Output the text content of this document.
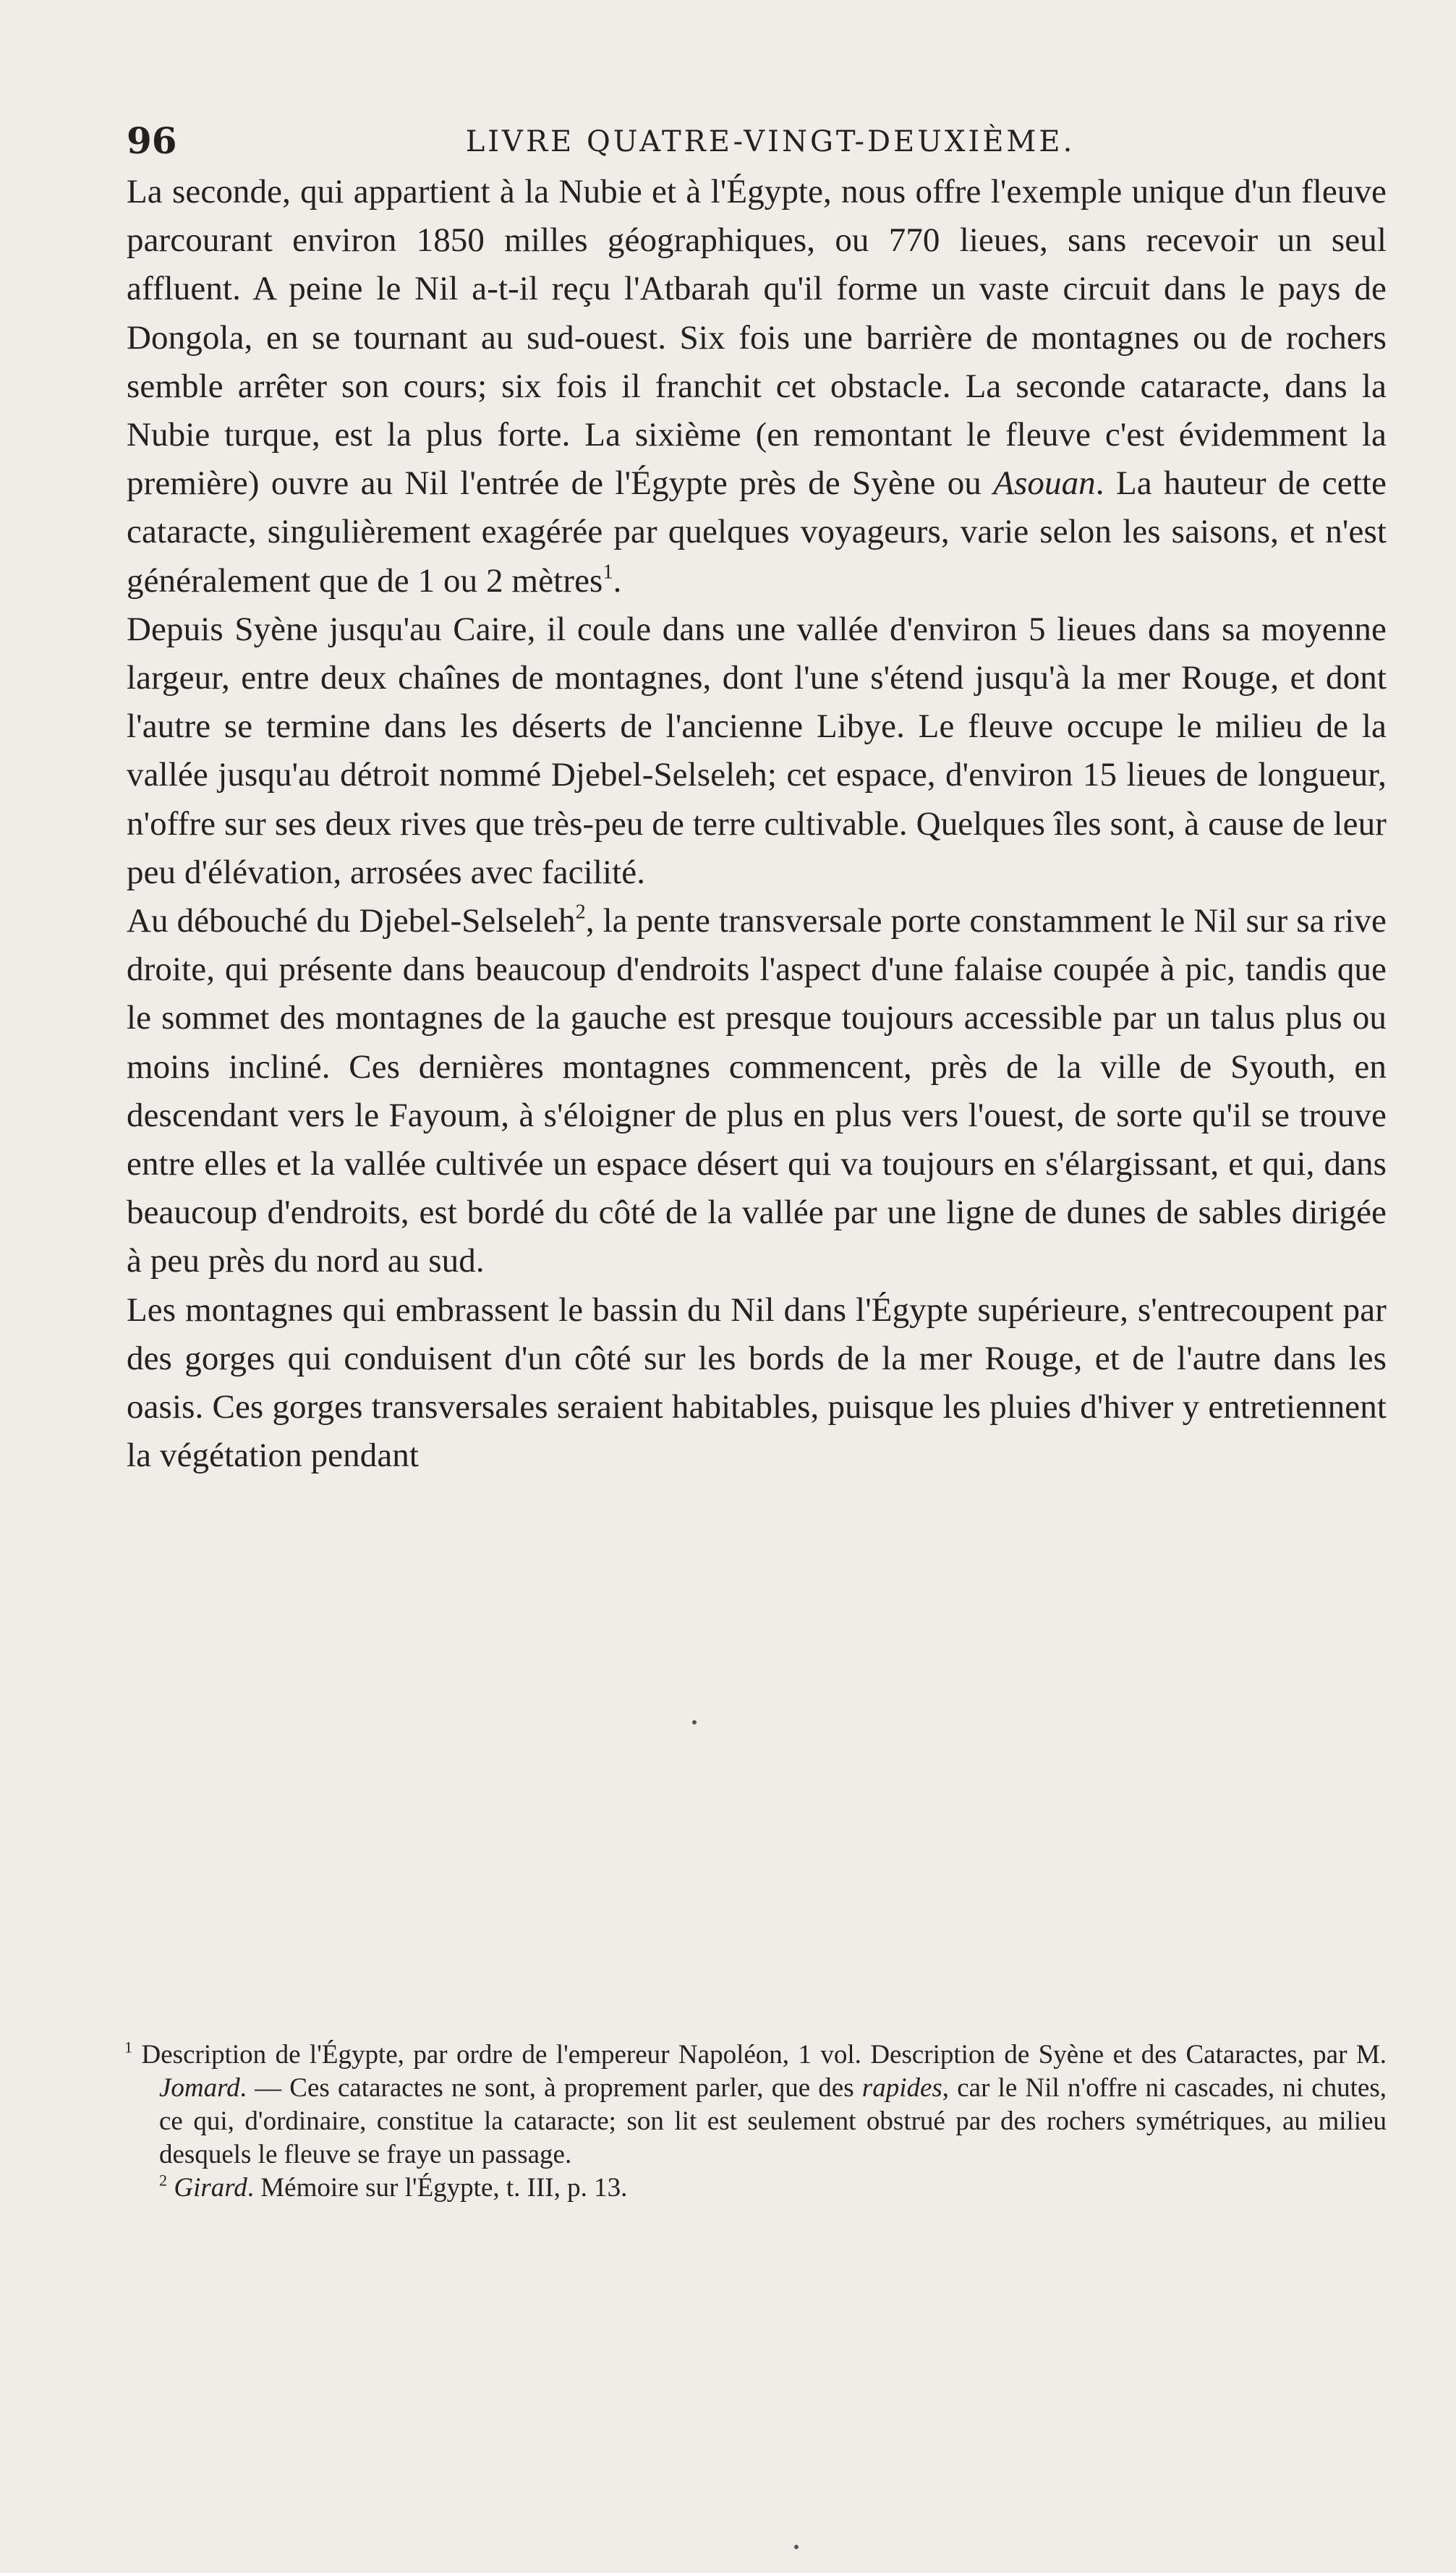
96	LIVRE QUATRE-VINGT-DEUXIÈME.

La seconde, qui appartient à la Nubie et à l'Égypte, nous offre l'exemple unique d'un fleuve parcourant environ 1850 milles géographiques, ou 770 lieues, sans recevoir un seul affluent. A peine le Nil a-t-il reçu l'Atbarah qu'il forme un vaste circuit dans le pays de Dongola, en se tournant au sud-ouest. Six fois une barrière de montagnes ou de rochers semble arrêter son cours; six fois il franchit cet obstacle. La seconde cataracte, dans la Nubie turque, est la plus forte. La sixième (en remontant le fleuve c'est évidemment la première) ouvre au Nil l'entrée de l'Égypte près de Syène ou Asouan. La hauteur de cette cataracte, singulièrement exagérée par quelques voyageurs, varie selon les saisons, et n'est généralement que de 1 ou 2 mètres$^1$.

Depuis Syène jusqu'au Caire, il coule dans une vallée d'environ 5 lieues dans sa moyenne largeur, entre deux chaînes de montagnes, dont l'une s'étend jusqu'à la mer Rouge, et dont l'autre se termine dans les déserts de l'ancienne Libye. Le fleuve occupe le milieu de la vallée jusqu'au détroit nommé Djebel-Selseleh; cet espace, d'environ 15 lieues de longueur, n'offre sur ses deux rives que très-peu de terre cultivable. Quelques îles sont, à cause de leur peu d'élévation, arrosées avec facilité.

Au débouché du Djebel-Selseleh$^2$, la pente transversale porte constamment le Nil sur sa rive droite, qui présente dans beaucoup d'endroits l'aspect d'une falaise coupée à pic, tandis que le sommet des montagnes de la gauche est presque toujours accessible par un talus plus ou moins incliné. Ces dernières montagnes commencent, près de la ville de Syouth, en descendant vers le Fayoum, à s'éloigner de plus en plus vers l'ouest, de sorte qu'il se trouve entre elles et la vallée cultivée un espace désert qui va toujours en s'élargissant, et qui, dans beaucoup d'endroits, est bordé du côté de la vallée par une ligne de dunes de sables dirigée à peu près du nord au sud.

Les montagnes qui embrassent le bassin du Nil dans l'Égypte supérieure, s'entrecoupent par des gorges qui conduisent d'un côté sur les bords de la mer Rouge, et de l'autre dans les oasis. Ces gorges transversales seraient habitables, puisque les pluies d'hiver y entretiennent la végétation pendant

$^1$ Description de l'Égypte, par ordre de l'empereur Napoléon, 1 vol. Description de Syène et des Cataractes, par M. Jomard. — Ces cataractes ne sont, à proprement parler, que des rapides, car le Nil n'offre ni cascades, ni chutes, ce qui, d'ordinaire, constitue la cataracte; son lit est seulement obstrué par des rochers symétriques, au milieu desquels le fleuve se fraye un passage.

$^2$ Girard. Mémoire sur l'Égypte, t. III, p. 13.
